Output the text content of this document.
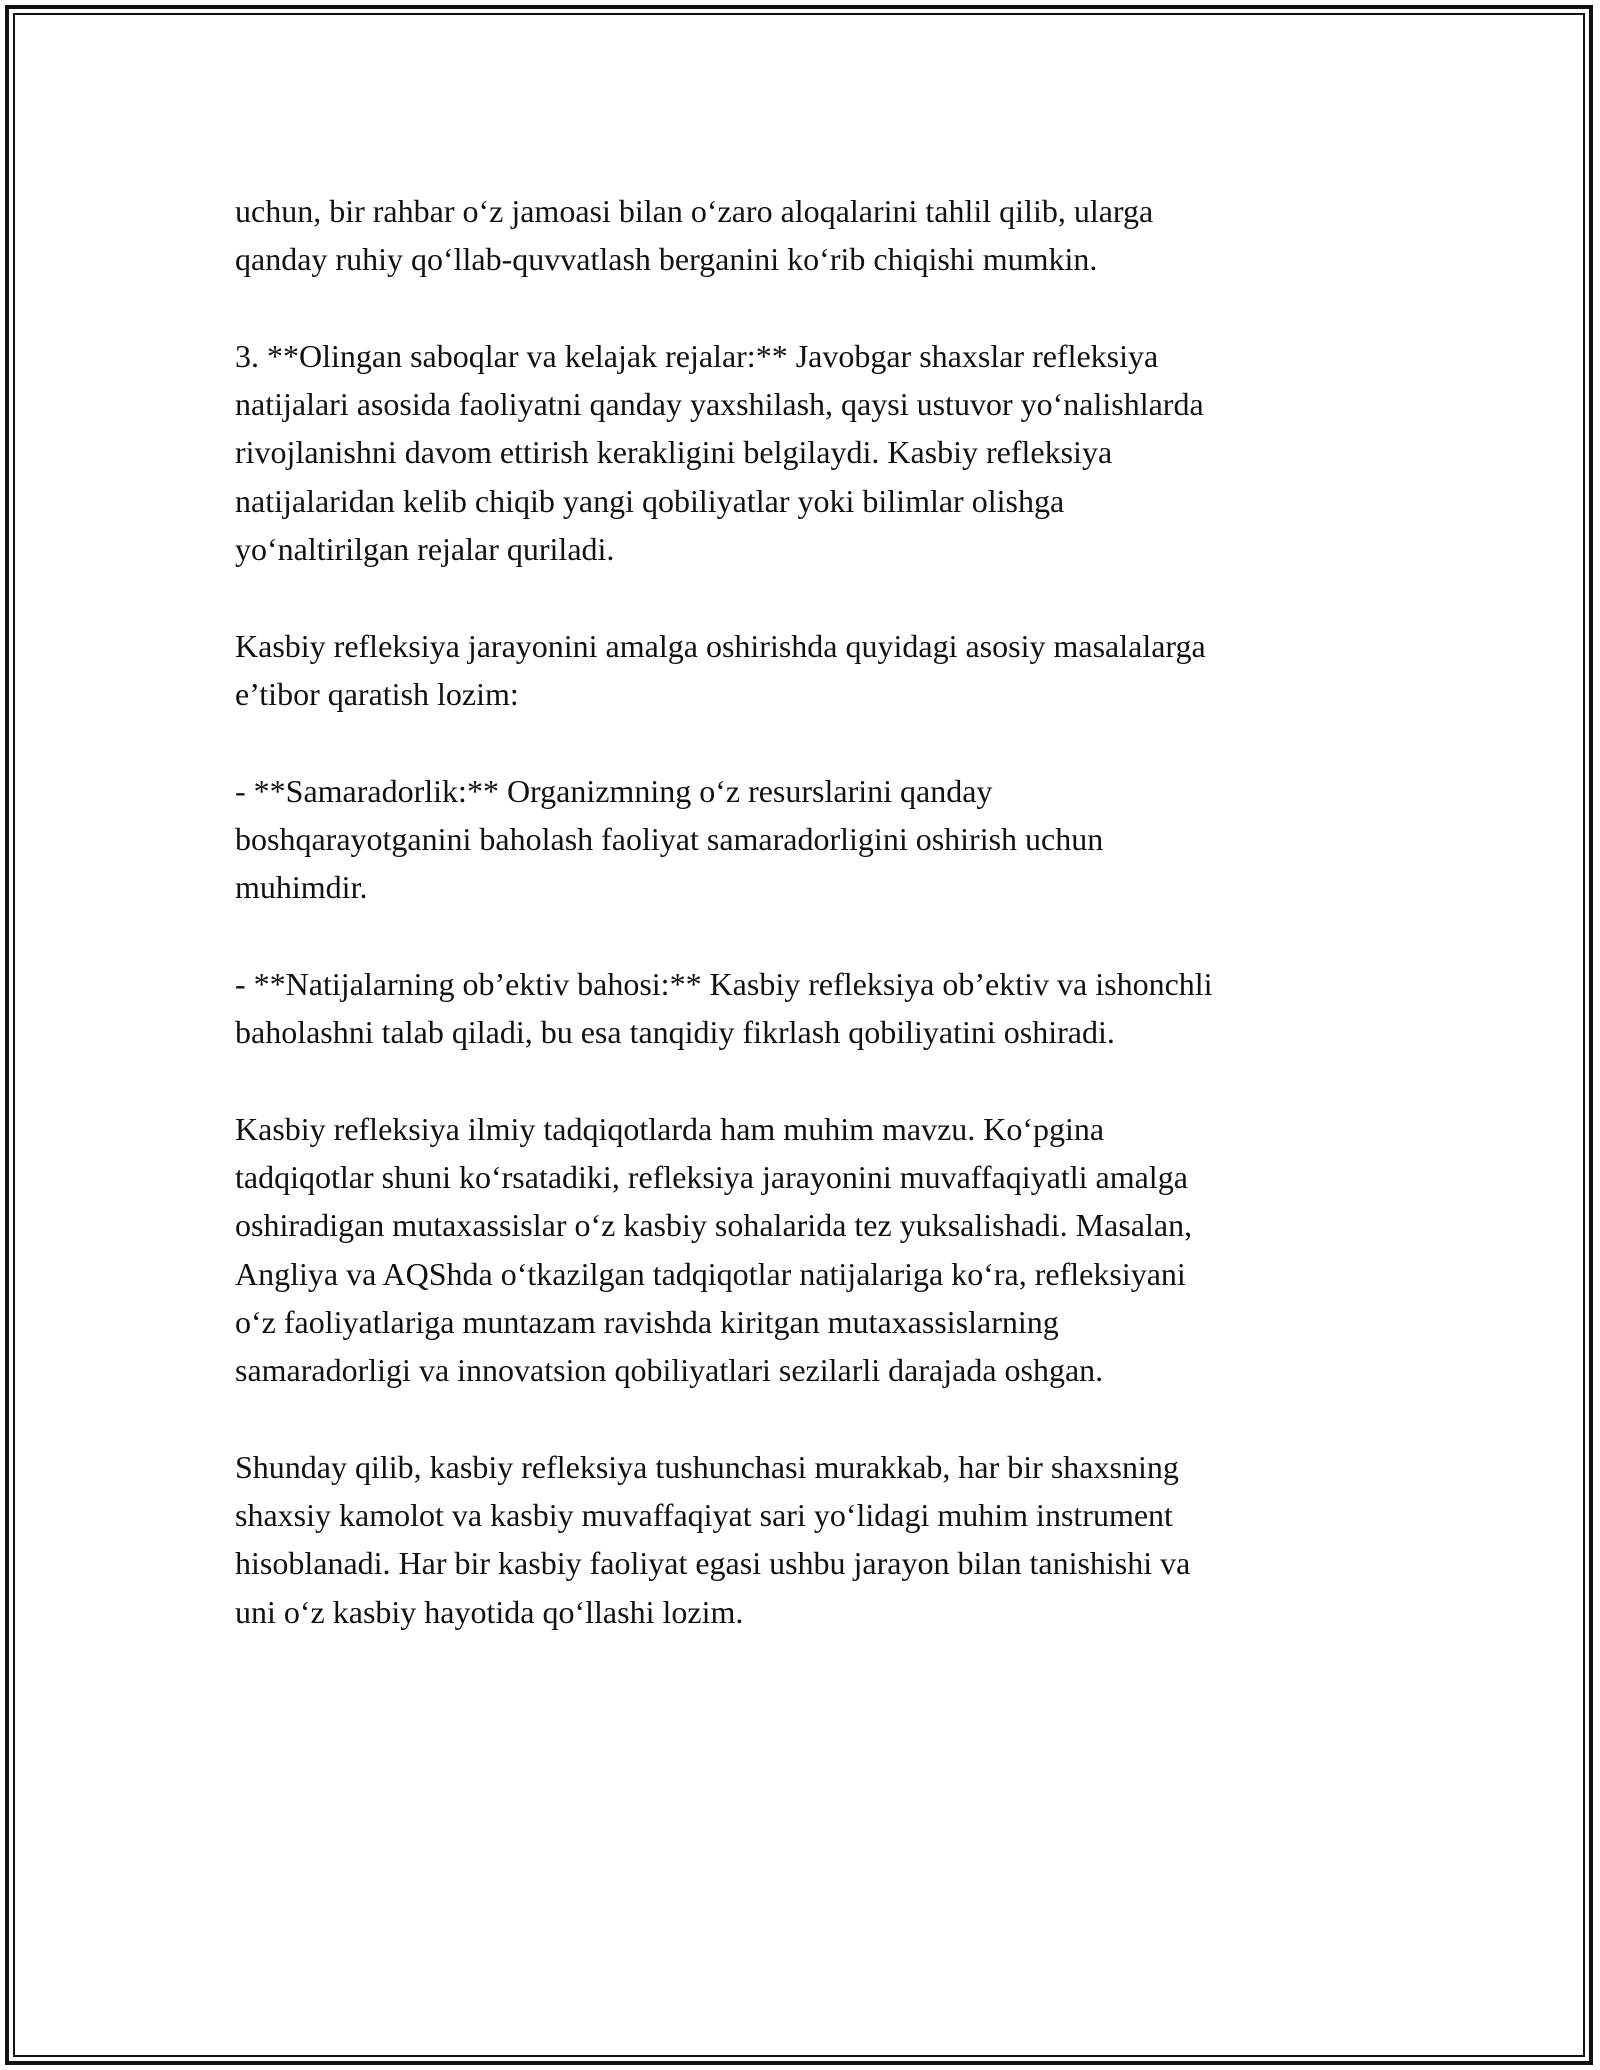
uchun, bir rahbar o‘z jamoasi bilan o‘zaro aloqalarini tahlil qilib, ularga
qanday ruhiy qo‘llab-quvvatlash berganini ko‘rib chiqishi mumkin.

3. **Olingan saboqlar va kelajak rejalar:** Javobgar shaxslar refleksiya
natijalari asosida faoliyatni qanday yaxshilash, qaysi ustuvor yo‘nalishlarda
rivojlanishni davom ettirish kerakligini belgilaydi. Kasbiy refleksiya
natijalaridan kelib chiqib yangi qobiliyatlar yoki bilimlar olishga
yo‘naltirilgan rejalar quriladi.

Kasbiy refleksiya jarayonini amalga oshirishda quyidagi asosiy masalalarga
e’tibor qaratish lozim:

- **Samaradorlik:** Organizmning o‘z resurslarini qanday
boshqarayotganini baholash faoliyat samaradorligini oshirish uchun
muhimdir.

- **Natijalarning ob’ektiv bahosi:** Kasbiy refleksiya ob’ektiv va ishonchli
baholashni talab qiladi, bu esa tanqidiy fikrlash qobiliyatini oshiradi.

Kasbiy refleksiya ilmiy tadqiqotlarda ham muhim mavzu. Ko‘pgina
tadqiqotlar shuni ko‘rsatadiki, refleksiya jarayonini muvaffaqiyatli amalga
oshiradigan mutaxassislar o‘z kasbiy sohalarida tez yuksalishadi. Masalan,
Angliya va AQShda o‘tkazilgan tadqiqotlar natijalariga ko‘ra, refleksiyani
o‘z faoliyatlariga muntazam ravishda kiritgan mutaxassislarning
samaradorligi va innovatsion qobiliyatlari sezilarli darajada oshgan.

Shunday qilib, kasbiy refleksiya tushunchasi murakkab, har bir shaxsning
shaxsiy kamolot va kasbiy muvaffaqiyat sari yo‘lidagi muhim instrument
hisoblanadi. Har bir kasbiy faoliyat egasi ushbu jarayon bilan tanishishi va
uni o‘z kasbiy hayotida qo‘llashi lozim.
